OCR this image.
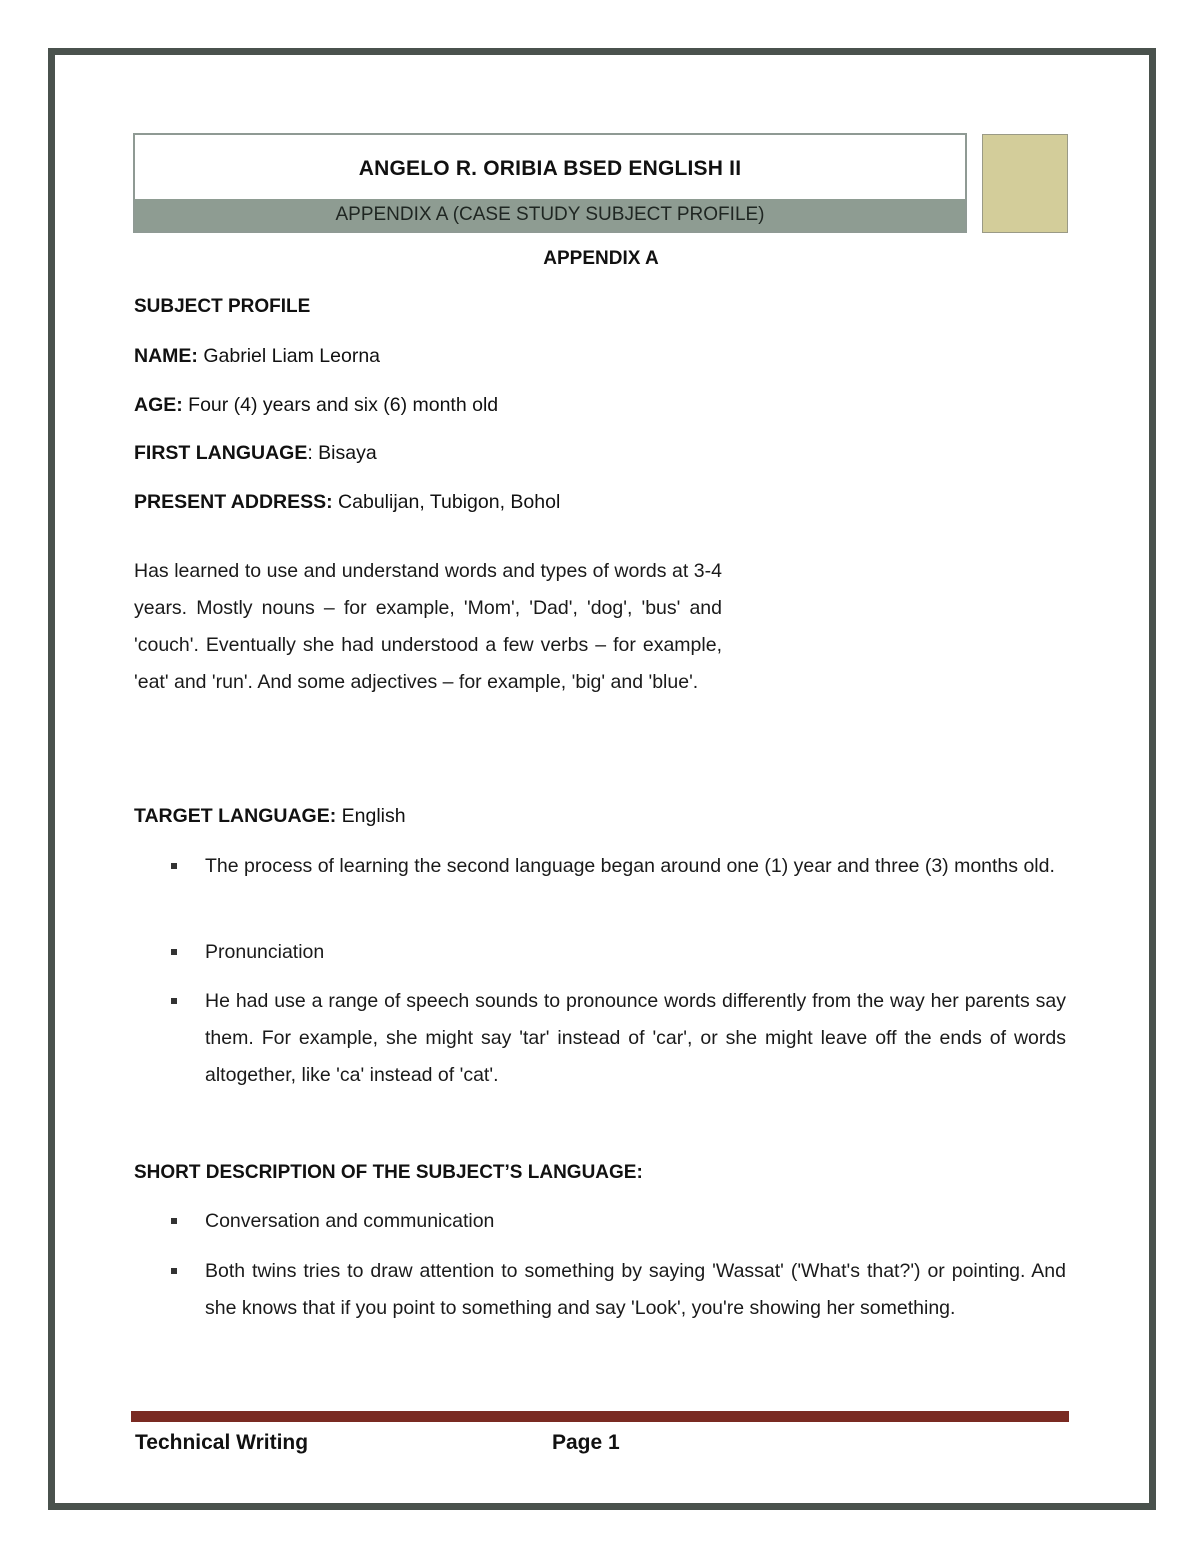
ANGELO R. ORIBIA BSED ENGLISH II
APPENDIX A (CASE STUDY SUBJECT PROFILE)
APPENDIX A
SUBJECT PROFILE
NAME: Gabriel Liam Leorna
AGE: Four (4) years and six (6) month old
FIRST LANGUAGE: Bisaya
PRESENT ADDRESS: Cabulijan, Tubigon, Bohol
Has learned to use and understand words and types of words at 3-4 years. Mostly nouns – for example, 'Mom', 'Dad', 'dog', 'bus' and 'couch'. Eventually she had understood a few verbs – for example, 'eat' and 'run'. And some adjectives – for example, 'big' and 'blue'.
TARGET LANGUAGE: English
The process of learning the second language began around one (1) year and three (3) months old.
Pronunciation
He had use a range of speech sounds to pronounce words differently from the way her parents say them. For example, she might say 'tar' instead of 'car', or she might leave off the ends of words altogether, like 'ca' instead of 'cat'.
SHORT DESCRIPTION OF THE SUBJECT’S LANGUAGE:
Conversation and communication
Both twins tries to draw attention to something by saying 'Wassat' ('What's that?') or pointing. And she knows that if you point to something and say 'Look', you're showing her something.
Technical Writing	Page 1
